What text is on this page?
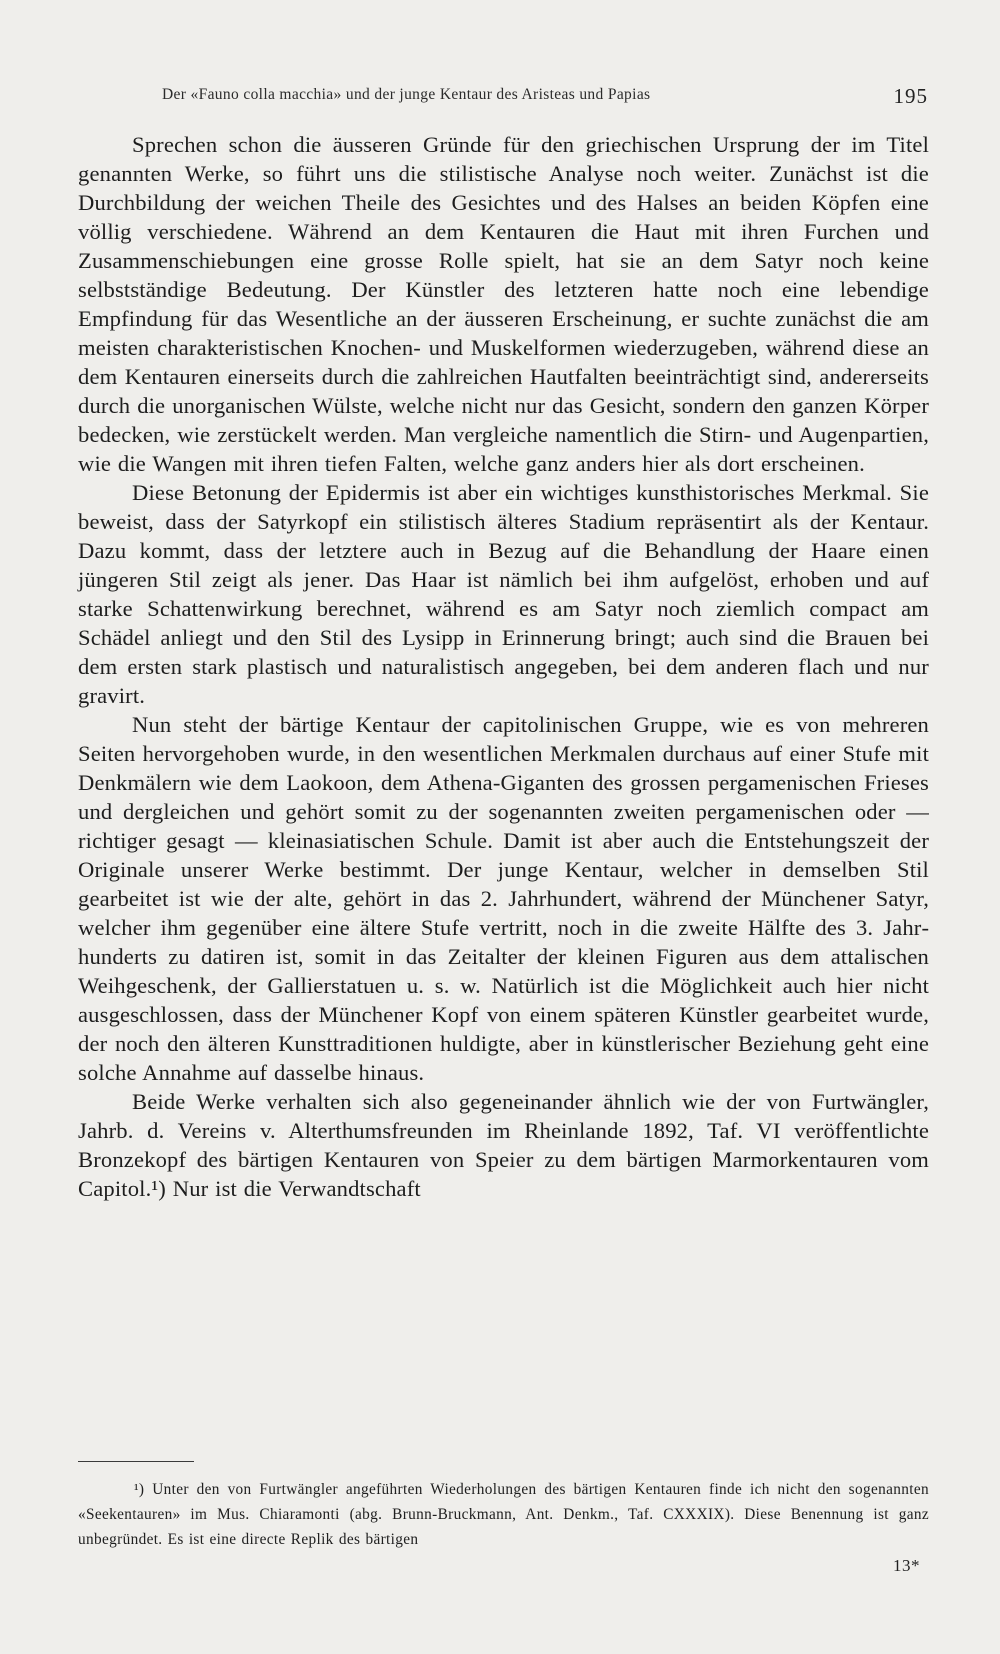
Der «Fauno colla macchia» und der junge Kentaur des Aristeas und Papias	195

Sprechen schon die äusseren Gründe für den griechischen Ursprung der im Titel genannten Werke, so führt uns die stilistische Analyse noch weiter. Zunächst ist die Durchbildung der weichen Theile des Gesichtes und des Halses an beiden Köpfen eine völlig verschiedene. Während an dem Kentauren die Haut mit ihren Furchen und Zusammenschiebungen eine grosse Rolle spielt, hat sie an dem Satyr noch keine selbstständige Bedeutung. Der Künstler des letzteren hatte noch eine lebendige Empfindung für das Wesentliche an der äusseren Erscheinung, er suchte zunächst die am meisten charakteristischen Knochen- und Muskelformen wiederzugeben, während diese an dem Kentauren einerseits durch die zahlreichen Hautfalten beeinträchtigt sind, andererseits durch die unorganischen Wülste, welche nicht nur das Gesicht, sondern den ganzen Körper bedecken, wie zerstückelt werden. Man vergleiche namentlich die Stirn- und Augenpartien, wie die Wangen mit ihren tiefen Falten, welche ganz anders hier als dort erscheinen.

Diese Betonung der Epidermis ist aber ein wichtiges kunsthistorisches Merkmal. Sie beweist, dass der Satyrkopf ein stilistisch älteres Stadium repräsentirt als der Kentaur. Dazu kommt, dass der letztere auch in Bezug auf die Behandlung der Haare einen jüngeren Stil zeigt als jener. Das Haar ist nämlich bei ihm aufgelöst, erhoben und auf starke Schattenwirkung berechnet, während es am Satyr noch ziemlich compact am Schädel anliegt und den Stil des Lysipp in Erinnerung bringt; auch sind die Brauen bei dem ersten stark plastisch und naturalistisch angegeben, bei dem anderen flach und nur gravirt.

Nun steht der bärtige Kentaur der capitolinischen Gruppe, wie es von mehreren Seiten hervorgehoben wurde, in den wesentlichen Merkmalen durchaus auf einer Stufe mit Denkmälern wie dem Laokoon, dem Athena-Giganten des grossen pergamenischen Frieses und dergleichen und gehört somit zu der sogenannten zweiten pergamenischen oder — richtiger gesagt — kleinasiatischen Schule. Damit ist aber auch die Entstehungszeit der Originale unserer Werke bestimmt. Der junge Kentaur, welcher in demselben Stil gearbeitet ist wie der alte, gehört in das 2. Jahrhundert, während der Münchener Satyr, welcher ihm gegenüber eine ältere Stufe vertritt, noch in die zweite Hälfte des 3. Jahrhunderts zu datiren ist, somit in das Zeitalter der kleinen Figuren aus dem attalischen Weihgeschenk, der Gallierstatuen u. s. w. Natürlich ist die Möglichkeit auch hier nicht ausgeschlossen, dass der Münchener Kopf von einem späteren Künstler gearbeitet wurde, der noch den älteren Kunsttraditionen huldigte, aber in künstlerischer Beziehung geht eine solche Annahme auf dasselbe hinaus.

Beide Werke verhalten sich also gegeneinander ähnlich wie der von Furtwängler, Jahrb. d. Vereins v. Alterthumsfreunden im Rheinlande 1892, Taf. VI veröffentlichte Bronzekopf des bärtigen Kentauren von Speier zu dem bärtigen Marmorkentauren vom Capitol.¹) Nur ist die Verwandtschaft

¹) Unter den von Furtwängler angeführten Wiederholungen des bärtigen Kentauren finde ich nicht den sogenannten «Seekentauren» im Mus. Chiaramonti (abg. Brunn-Bruckmann, Ant. Denkm., Taf. CXXXIX). Diese Benennung ist ganz unbegründet. Es ist eine directe Replik des bärtigen

13*
